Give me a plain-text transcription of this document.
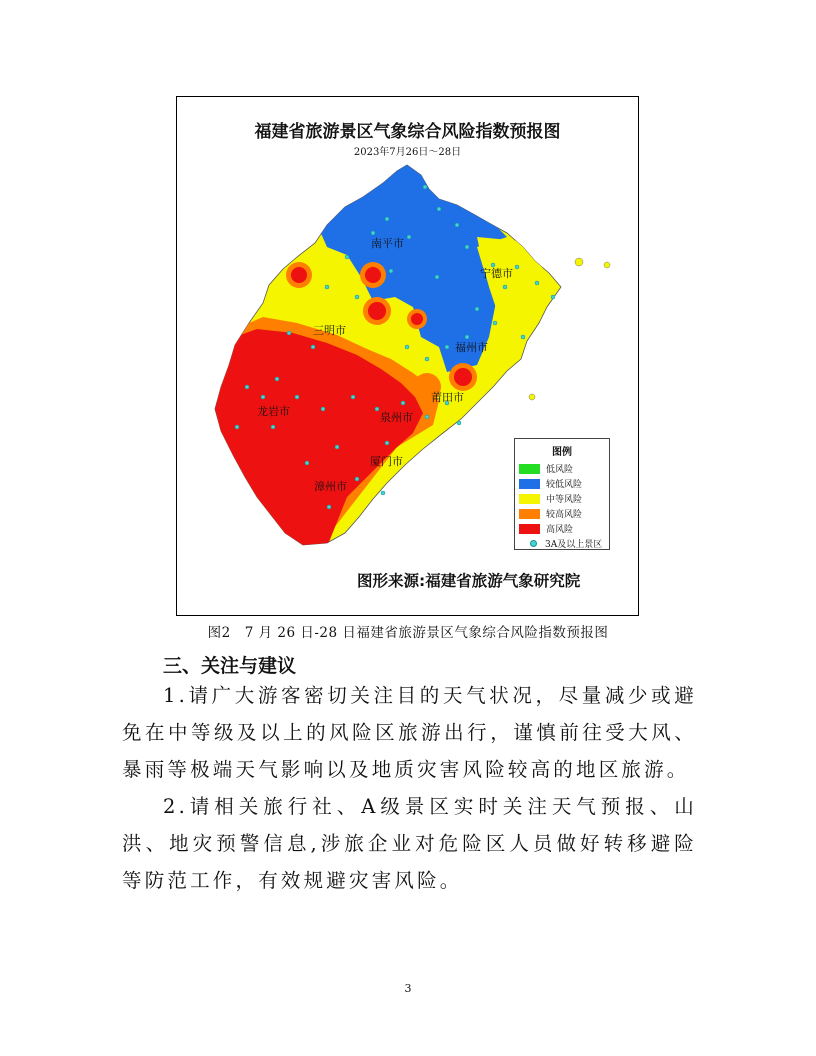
福建省旅游景区气象综合风险指数预报图
2023年7月26日～28日
南平市
宁德市
三明市
福州市
龙岩市
莆田市
泉州市
厦门市
漳州市
图例
低风险
较低风险
中等风险
较高风险
高风险
3A及以上景区
图形来源:福建省旅游气象研究院
图2　7 月 26 日-28 日福建省旅游景区气象综合风险指数预报图
三、关注与建议

1.请广大游客密切关注目的天气状况，尽量减少或避免在中等级及以上的风险区旅游出行，谨慎前往受大风、暴雨等极端天气影响以及地质灾害风险较高的地区旅游。

2.请相关旅行社、A级景区实时关注天气预报、山洪、地灾预警信息,涉旅企业对危险区人员做好转移避险等防范工作，有效规避灾害风险。

3
